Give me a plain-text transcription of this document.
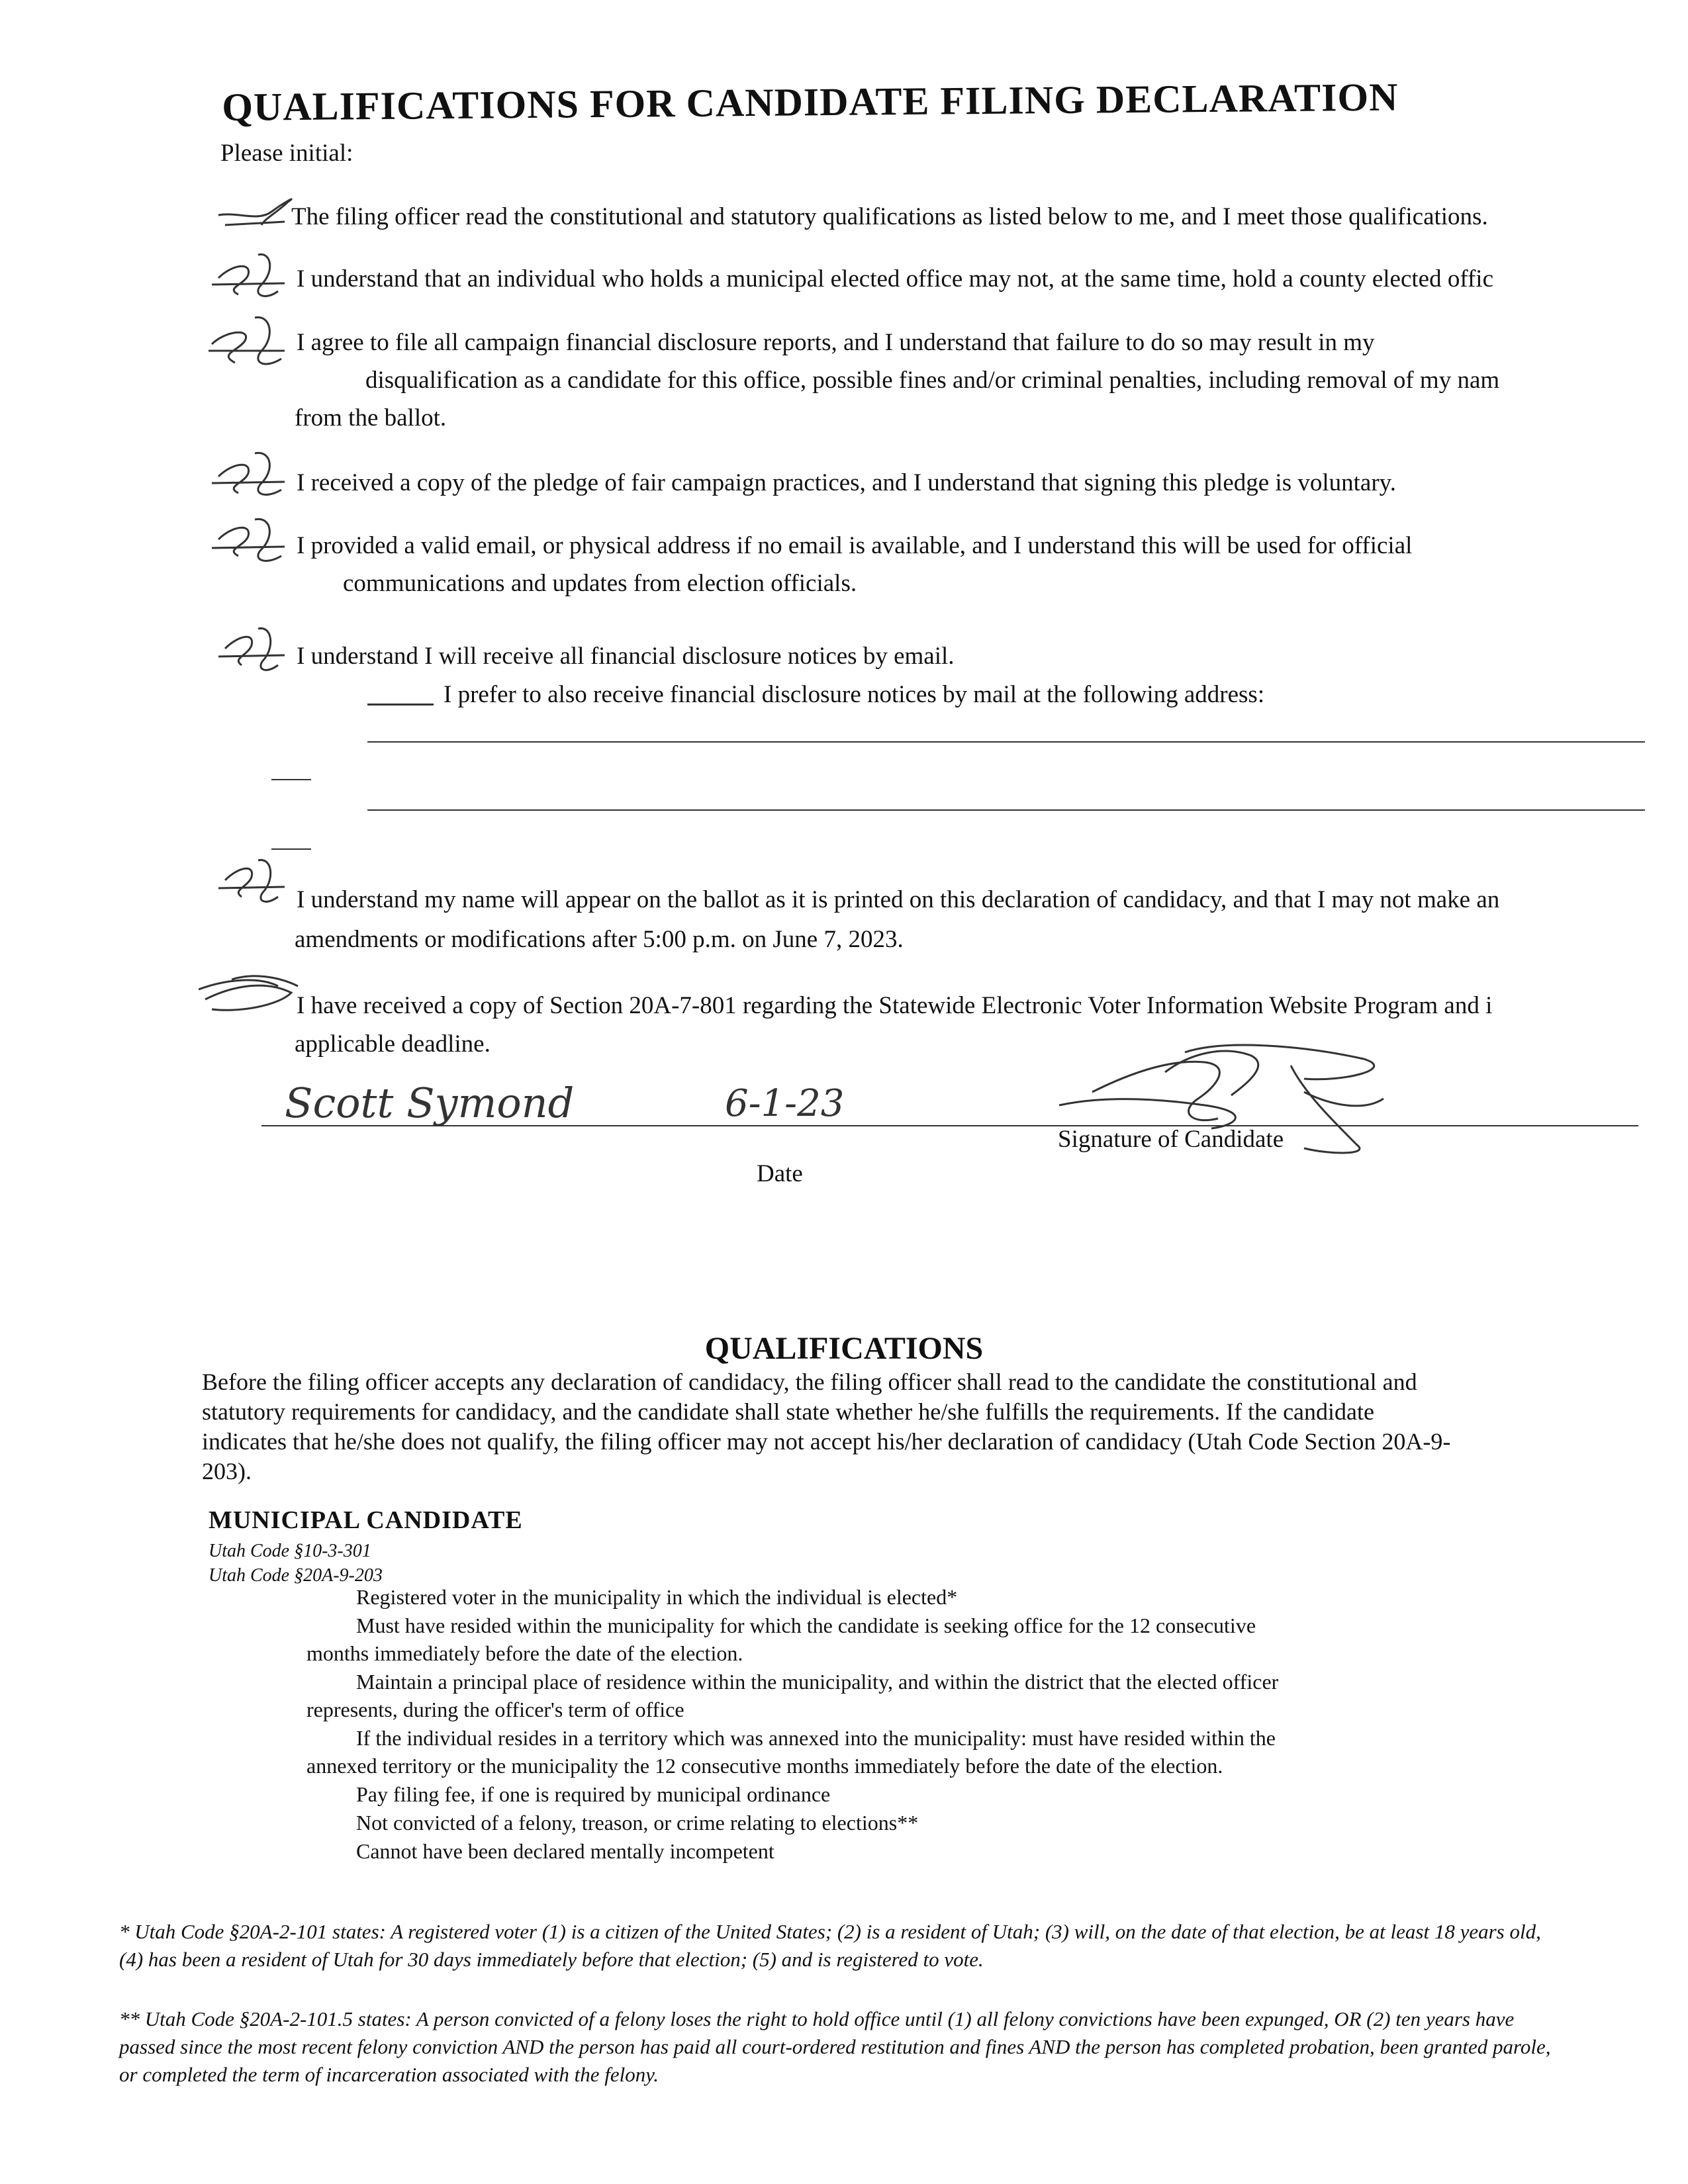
QUALIFICATIONS FOR CANDIDATE FILING DECLARATION
Please initial:
The filing officer read the constitutional and statutory qualifications as listed below to me, and I meet those qualifications.
I understand that an individual who holds a municipal elected office may not, at the same time, hold a county elected offic
I agree to file all campaign financial disclosure reports, and I understand that failure to do so may result in my
disqualification as a candidate for this office, possible fines and/or criminal penalties, including removal of my nam
from the ballot.
I received a copy of the pledge of fair campaign practices, and I understand that signing this pledge is voluntary.
I provided a valid email, or physical address if no email is available, and I understand this will be used for official
communications and updates from election officials.
I understand I will receive all financial disclosure notices by email.
I prefer to also receive financial disclosure notices by mail at the following address:
I understand my name will appear on the ballot as it is printed on this declaration of candidacy, and that I may not make an
amendments or modifications after 5:00 p.m. on June 7, 2023.
I have received a copy of Section 20A-7-801 regarding the Statewide Electronic Voter Information Website Program and i
applicable deadline.
Scott Symond	6-1-23
Date
Signature of Candidate
QUALIFICATIONS
Before the filing officer accepts any declaration of candidacy, the filing officer shall read to the candidate the constitutional and statutory requirements for candidacy, and the candidate shall state whether he/she fulfills the requirements. If the candidate indicates that he/she does not qualify, the filing officer may not accept his/her declaration of candidacy (Utah Code Section 20A-9-203).
MUNICIPAL CANDIDATE
Utah Code §10-3-301
Utah Code §20A-9-203
Registered voter in the municipality in which the individual is elected*
Must have resided within the municipality for which the candidate is seeking office for the 12 consecutive
months immediately before the date of the election.
Maintain a principal place of residence within the municipality, and within the district that the elected officer
represents, during the officer's term of office
If the individual resides in a territory which was annexed into the municipality: must have resided within the
annexed territory or the municipality the 12 consecutive months immediately before the date of the election.
Pay filing fee, if one is required by municipal ordinance
Not convicted of a felony, treason, or crime relating to elections**
Cannot have been declared mentally incompetent
* Utah Code §20A-2-101 states: A registered voter (1) is a citizen of the United States; (2) is a resident of Utah; (3) will, on the date of that election, be at least 18 years old, (4) has been a resident of Utah for 30 days immediately before that election; (5) and is registered to vote.
** Utah Code §20A-2-101.5 states: A person convicted of a felony loses the right to hold office until (1) all felony convictions have been expunged, OR (2) ten years have passed since the most recent felony conviction AND the person has paid all court-ordered restitution and fines AND the person has completed probation, been granted parole, or completed the term of incarceration associated with the felony.
